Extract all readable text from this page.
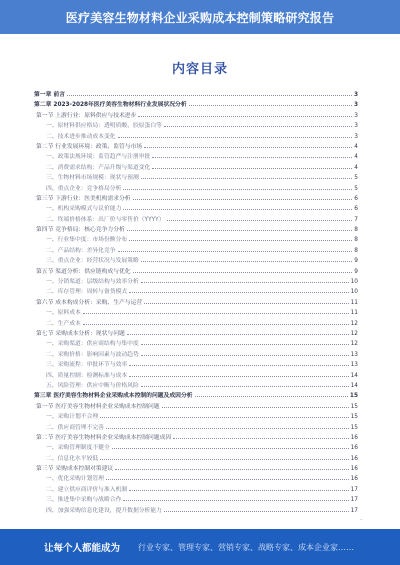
医疗美容生物材料企业采购成本控制策略研究报告
内容目录
第一章 前言	3
第二章 2023-2028年医疗美容生物材料行业发展状况分析	3
第一节 上游行业：原料供应与技术进步	3
一、原材料供应格局：透明质酸、胶原蛋白等	3
二、技术进步推动成本变化	3
第二节 行业发展环境：政策、监管与市场	4
一、政策法规环境：监管趋严与注册审批	4
二、消费需求结构：产品升级与渠道变化	4
三、生物材料市场规模：现状与预测	5
四、重点企业：竞争格局分析	5
第三节 下游行业：医美机构需求分析	6
一、机构采购模式与议价能力	6
二、终端价格体系：出厂价与零售价（YYYY）	7
第四节 竞争格局：核心竞争力分析	8
一、行业集中度：市场份额分布	8
二、产品结构：差异化竞争	8
三、重点企业：经营状况与发展策略	9
第五节 渠道分析：供应链构成与优化	9
一、分销渠道：层级结构与效率分析	10
二、库存管理：周转与备货模式	10
第六节 成本构成分析：采购、生产与运营	11
一、原料成本	11
二、生产成本	12
第七节 采购成本分析：现状与问题	12
一、采购渠道：供应商结构与集中度	12
二、采购价格：影响因素与波动趋势	13
三、采购流程：审批环节与效率	13
四、质量控制：检测标准与成本	14
五、风险管理：供应中断与价格风险	14
第三章 医疗美容生物材料企业采购成本控制的问题及成因分析	15
第一节 医疗美容生物材料企业采购成本控制问题	15
一、采购计划不合理	15
二、供应商管理不完善	15
第二节 医疗美容生物材料企业采购成本控制问题成因	16
一、采购管理制度不健全	16
二、信息化水平较低	16
第三节 采购成本控制对策建议	16
一、优化采购计划管理	16
二、建立供应商评价与准入机制	17
三、推进集中采购与战略合作	17
四、加强采购信息化建设，提升数据分析能力	17
-
让每个人都能成为 行业专家、管理专家、营销专家、战略专家、成本企业家……
